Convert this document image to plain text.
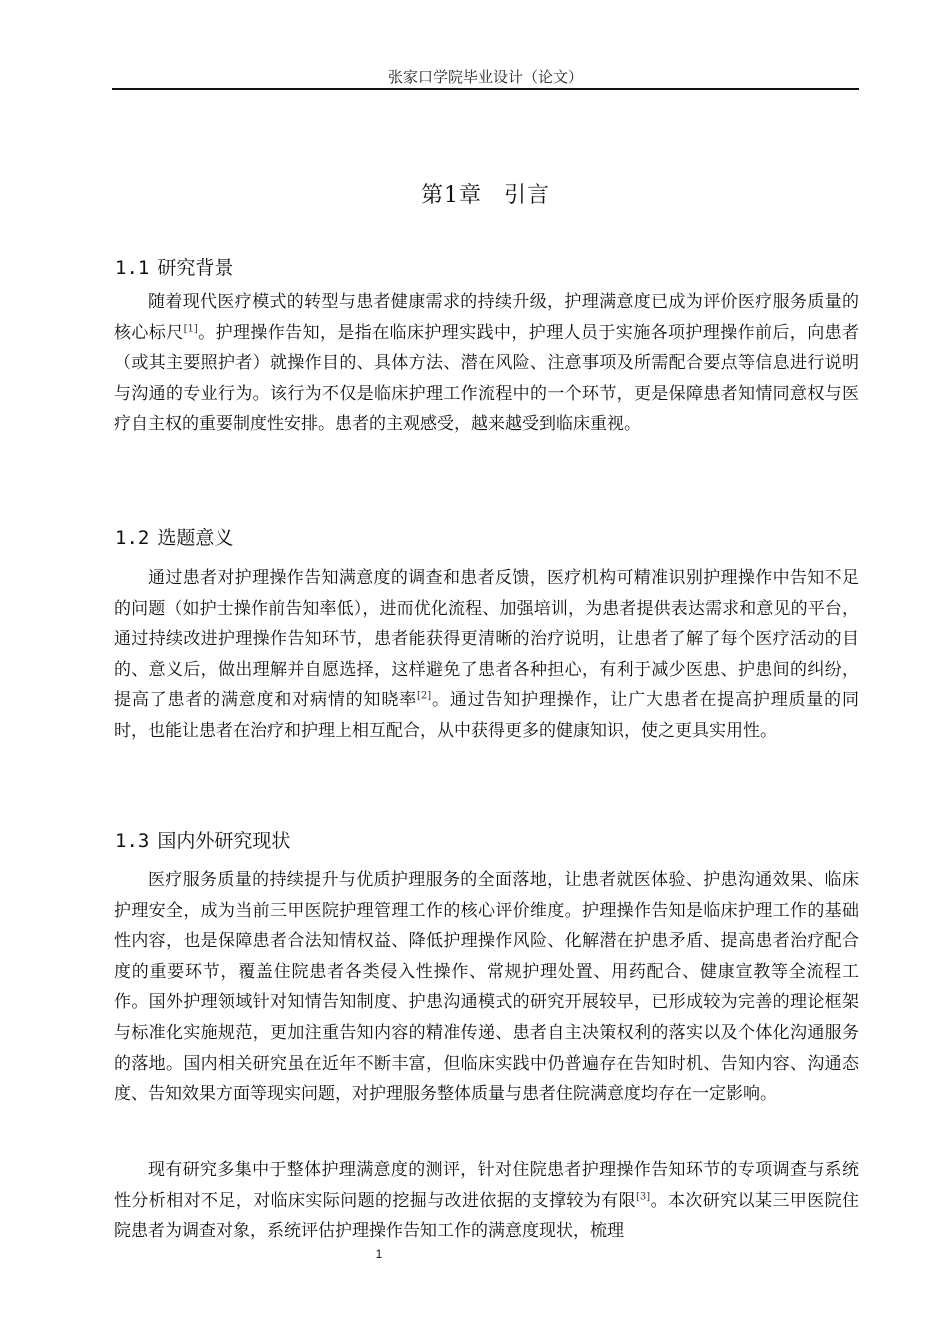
张家口学院毕业设计（论文）
第1章 引言
1.1 研究背景

随着现代医疗模式的转型与患者健康需求的持续升级，护理满意度已成为评价医疗服务质量的核心标尺[1]。护理操作告知，是指在临床护理实践中，护理人员于实施各项护理操作前后，向患者（或其主要照护者）就操作目的、具体方法、潜在风险、注意事项及所需配合要点等信息进行说明与沟通的专业行为。该行为不仅是临床护理工作流程中的一个环节，更是保障患者知情同意权与医疗自主权的重要制度性安排。患者的主观感受，越来越受到临床重视。

1.2 选题意义

通过患者对护理操作告知满意度的调查和患者反馈，医疗机构可精准识别护理操作中告知不足的问题（如护士操作前告知率低），进而优化流程、加强培训，为患者提供表达需求和意见的平台，通过持续改进护理操作告知环节，患者能获得更清晰的治疗说明，让患者了解了每个医疗活动的目的、意义后，做出理解并自愿选择，这样避免了患者各种担心，有利于减少医患、护患间的纠纷，提高了患者的满意度和对病情的知晓率[2]。通过告知护理操作，让广大患者在提高护理质量的同时，也能让患者在治疗和护理上相互配合，从中获得更多的健康知识，使之更具实用性。

1.3 国内外研究现状

医疗服务质量的持续提升与优质护理服务的全面落地，让患者就医体验、护患沟通效果、临床护理安全，成为当前三甲医院护理管理工作的核心评价维度。护理操作告知是临床护理工作的基础性内容，也是保障患者合法知情权益、降低护理操作风险、化解潜在护患矛盾、提高患者治疗配合度的重要环节，覆盖住院患者各类侵入性操作、常规护理处置、用药配合、健康宣教等全流程工作。国外护理领域针对知情告知制度、护患沟通模式的研究开展较早，已形成较为完善的理论框架与标准化实施规范，更加注重告知内容的精准传递、患者自主决策权利的落实以及个体化沟通服务的落地。国内相关研究虽在近年不断丰富，但临床实践中仍普遍存在告知时机、告知内容、沟通态度、告知效果方面等现实问题，对护理服务整体质量与患者住院满意度均存在一定影响。

现有研究多集中于整体护理满意度的测评，针对住院患者护理操作告知环节的专项调查与系统性分析相对不足，对临床实际问题的挖掘与改进依据的支撑较为有限[3]。本次研究以某三甲医院住院患者为调查对象，系统评估护理操作告知工作的满意度现状，梳理

1
